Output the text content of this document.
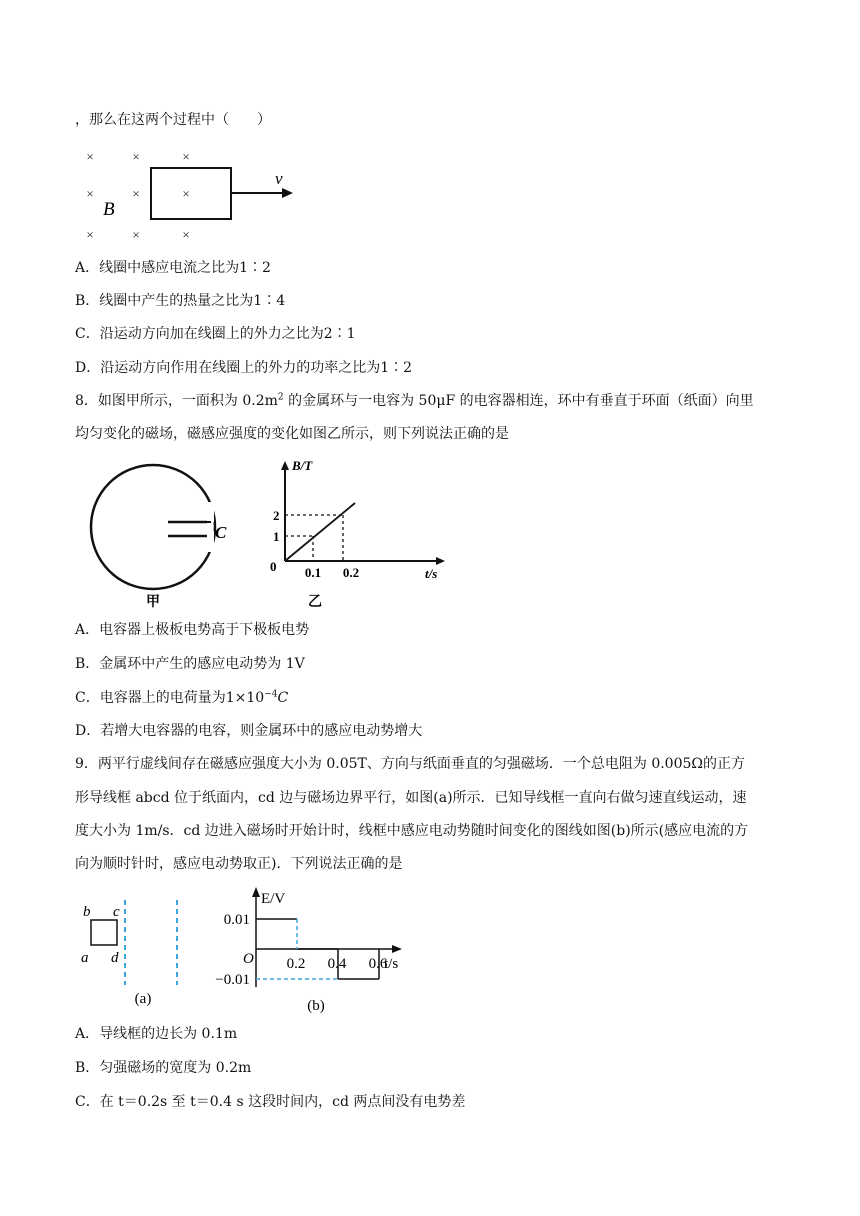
，那么在这两个过程中（　　）
×	×	×
×	×	×
×	×	×
v
B
A．线圈中感应电流之比为1∶2
B．线圈中产生的热量之比为1∶4
C．沿运动方向加在线圈上的外力之比为2∶1
D．沿运动方向作用在线圈上的外力的功率之比为1∶2
8．如图甲所示，一面积为 $0.2m^2$ 的金属环与一电容为 50μF 的电容器相连，环中有垂直于环面（纸面）向里
均匀变化的磁场，磁感应强度的变化如图乙所示，则下列说法正确的是
C
甲
B/T
t/s
0
1
2
0.1 0.2
乙
A．电容器上极板电势高于下极板电势
B．金属环中产生的感应电动势为 1V
C．电容器上的电荷量为$1\times 10^{-4}C$
D．若增大电容器的电容，则金属环中的感应电动势增大
9．两平行虚线间存在磁感应强度大小为 0.05T、方向与纸面垂直的匀强磁场．一个总电阻为 0.005Ω的正方
形导线框 abcd 位于纸面内，cd 边与磁场边界平行，如图(a)所示．已知导线框一直向右做匀速直线运动，速
度大小为 1m/s．cd 边进入磁场时开始计时，线框中感应电动势随时间变化的图线如图(b)所示(感应电流的方
向为顺时针时，感应电动势取正)．下列说法正确的是
b c
a d
(a)
E/V
t/s
O
0.01
−0.01
0.2 0.4 0.6
(b)
A．导线框的边长为 0.1m
B．匀强磁场的宽度为 0.2m
C．在 t＝0.2s 至 t＝0.4 s 这段时间内，cd 两点间没有电势差
